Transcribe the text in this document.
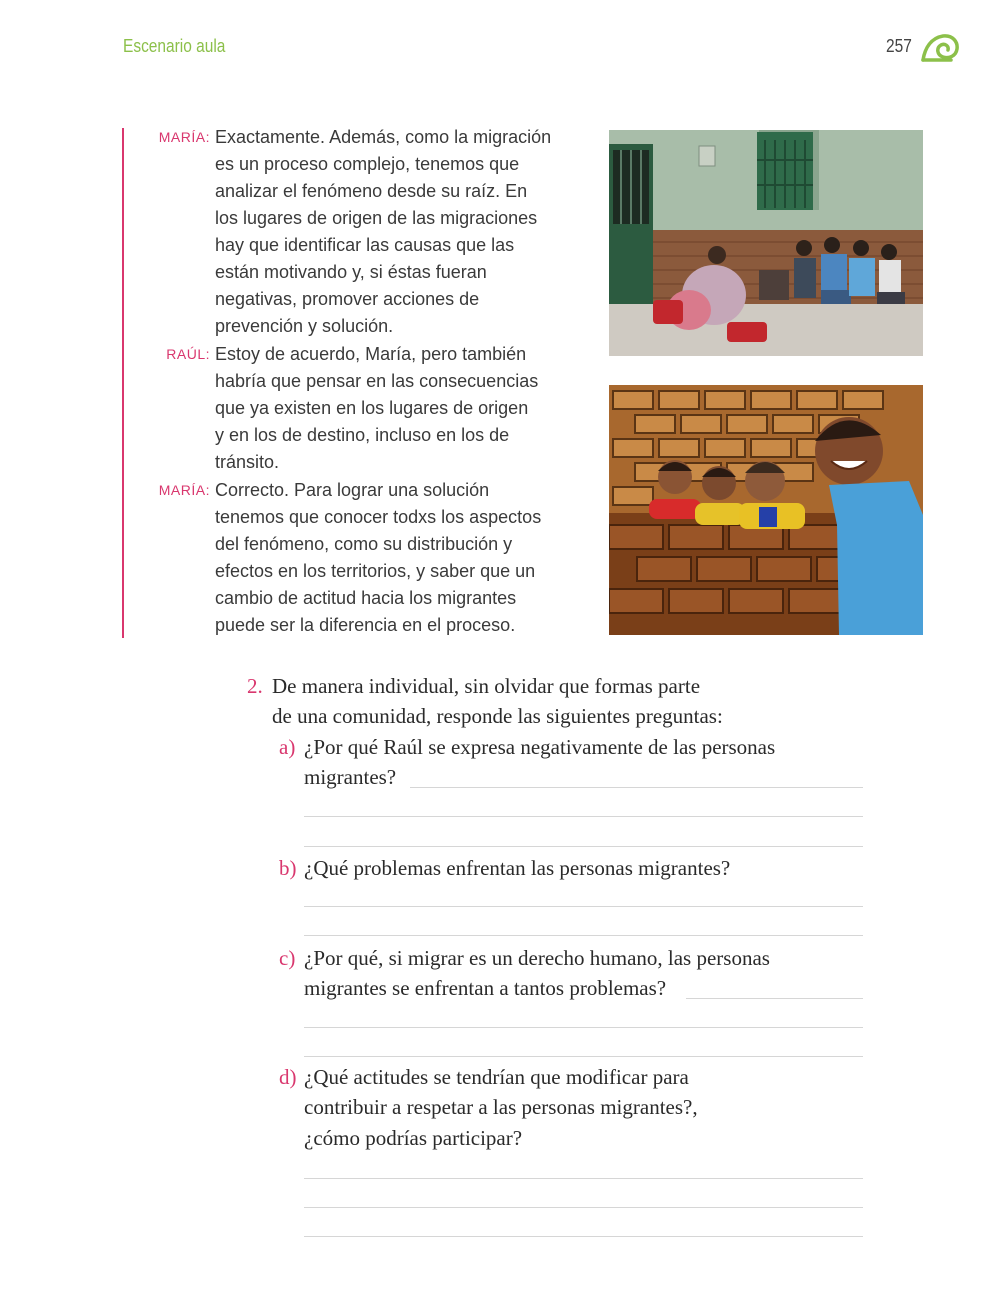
Escenario aula	257
MARÍA: Exactamente. Además, como la migración
es un proceso complejo, tenemos que
analizar el fenómeno desde su raíz. En
los lugares de origen de las migraciones
hay que identificar las causas que las
están motivando y, si éstas fueran
negativas, promover acciones de
prevención y solución.
RAÚL: Estoy de acuerdo, María, pero también
habría que pensar en las consecuencias
que ya existen en los lugares de origen
y en los de destino, incluso en los de
tránsito.
MARÍA: Correcto. Para lograr una solución
tenemos que conocer todxs los aspectos
del fenómeno, como su distribución y
efectos en los territorios, y saber que un
cambio de actitud hacia los migrantes
puede ser la diferencia en el proceso.
2. De manera individual, sin olvidar que formas parte
de una comunidad, responde las siguientes preguntas:
a) ¿Por qué Raúl se expresa negativamente de las personas
migrantes?
b) ¿Qué problemas enfrentan las personas migrantes?
c) ¿Por qué, si migrar es un derecho humano, las personas
migrantes se enfrentan a tantos problemas?
d) ¿Qué actitudes se tendrían que modificar para
contribuir a respetar a las personas migrantes?,
¿cómo podrías participar?
